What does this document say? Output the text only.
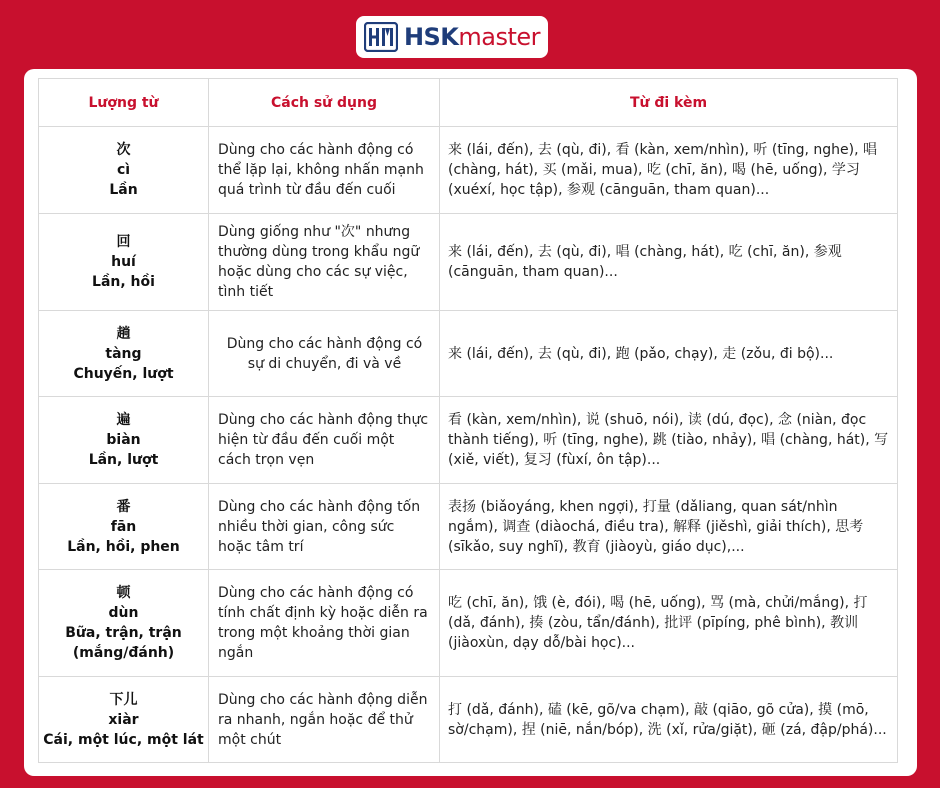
HSKmaster
Lượng từ	Cách sử dụng	Từ đi kèm

次
cì
Lần	Dùng cho các hành động có thể lặp lại, không nhấn mạnh quá trình từ đầu đến cuối	来 (lái, đến), 去 (qù, đi), 看 (kàn, xem/nhìn), 听 (tīng, nghe), 唱 (chàng, hát), 买 (mǎi, mua), 吃 (chī, ăn), 喝 (hē, uống), 学习 (xuéxí, học tập), 参观 (cānguān, tham quan)...

回
huí
Lần, hồi	Dùng giống như "次" nhưng thường dùng trong khẩu ngữ hoặc dùng cho các sự việc, tình tiết	来 (lái, đến), 去 (qù, đi), 唱 (chàng, hát), 吃 (chī, ăn), 参观 (cānguān, tham quan)...

趟
tàng
Chuyến, lượt	Dùng cho các hành động có sự di chuyển, đi và về	来 (lái, đến), 去 (qù, đi), 跑 (pǎo, chạy), 走 (zǒu, đi bộ)...

遍
biàn
Lần, lượt	Dùng cho các hành động thực hiện từ đầu đến cuối một cách trọn vẹn	看 (kàn, xem/nhìn), 说 (shuō, nói), 读 (dú, đọc), 念 (niàn, đọc thành tiếng), 听 (tīng, nghe), 跳 (tiào, nhảy), 唱 (chàng, hát), 写 (xiě, viết), 复习 (fùxí, ôn tập)...

番
fān
Lần, hồi, phen	Dùng cho các hành động tốn nhiều thời gian, công sức hoặc tâm trí	表扬 (biǎoyáng, khen ngợi), 打量 (dǎliang, quan sát/nhìn ngắm), 调查 (diàochá, điều tra), 解释 (jiěshì, giải thích), 思考 (sīkǎo, suy nghĩ), 教育 (jiàoyù, giáo dục),...

顿
dùn
Bữa, trận, trận (mắng/đánh)	Dùng cho các hành động có tính chất định kỳ hoặc diễn ra trong một khoảng thời gian ngắn	吃 (chī, ăn), 饿 (è, đói), 喝 (hē, uống), 骂 (mà, chửi/mắng), 打 (dǎ, đánh), 揍 (zòu, tẩn/đánh), 批评 (pīpíng, phê bình), 教训 (jiàoxùn, dạy dỗ/bài học)...

下儿
xiàr
Cái, một lúc, một lát	Dùng cho các hành động diễn ra nhanh, ngắn hoặc để thử một chút	打 (dǎ, đánh), 磕 (kē, gõ/va chạm), 敲 (qiāo, gõ cửa), 摸 (mō, sờ/chạm), 捏 (niē, nắn/bóp), 洗 (xǐ, rửa/giặt), 砸 (zá, đập/phá)...
